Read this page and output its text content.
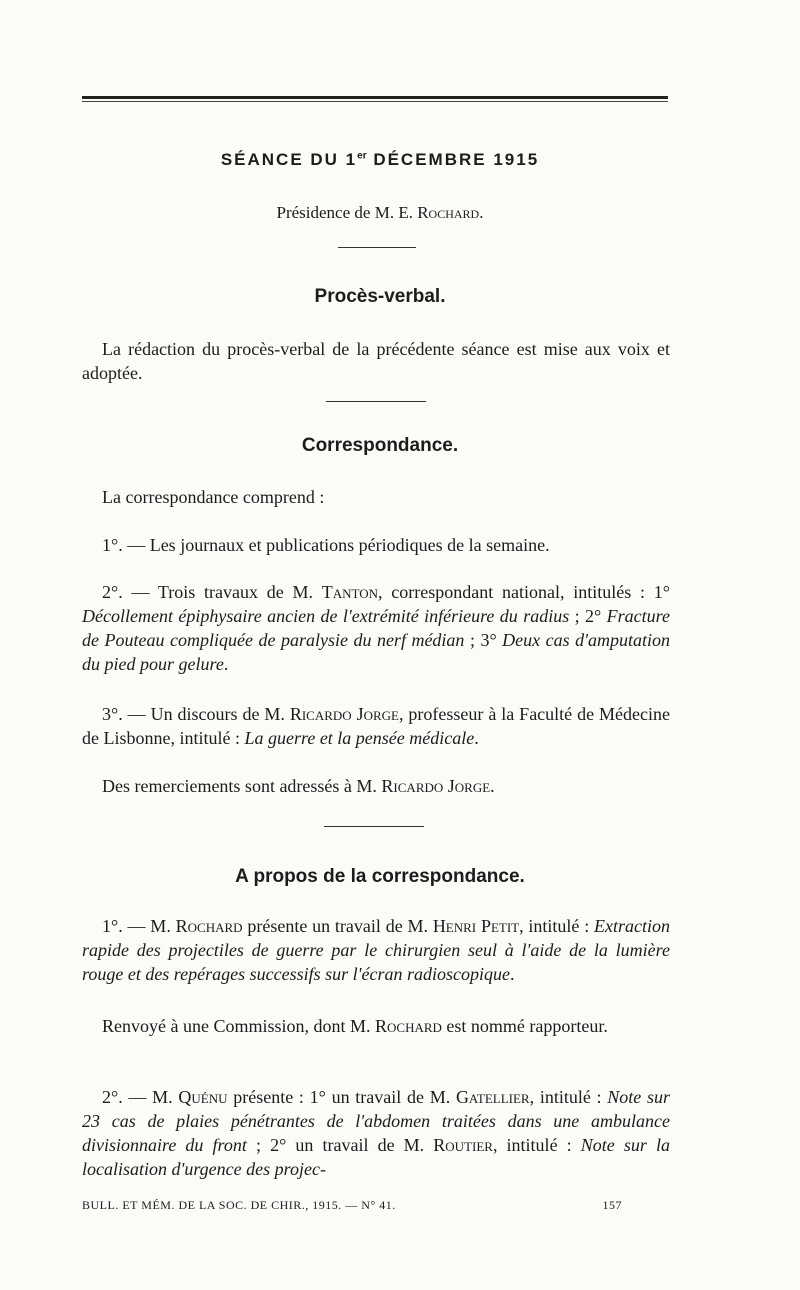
SÉANCE DU 1er DÉCEMBRE 1915
Présidence de M. E. Rochard.
Procès-verbal.

La rédaction du procès-verbal de la précédente séance est mise aux voix et adoptée.

Correspondance.

La correspondance comprend :

1°. — Les journaux et publications périodiques de la semaine.

2°. — Trois travaux de M. Tanton, correspondant national, intitulés : 1° Décollement épiphysaire ancien de l'extrémité inférieure du radius ; 2° Fracture de Pouteau compliquée de paralysie du nerf médian ; 3° Deux cas d'amputation du pied pour gelure.

3°. — Un discours de M. Ricardo Jorge, professeur à la Faculté de Médecine de Lisbonne, intitulé : La guerre et la pensée médicale.

Des remerciements sont adressés à M. Ricardo Jorge.

A propos de la correspondance.

1°. — M. Rochard présente un travail de M. Henri Petit, intitulé : Extraction rapide des projectiles de guerre par le chirurgien seul à l'aide de la lumière rouge et des repérages successifs sur l'écran radioscopique.

Renvoyé à une Commission, dont M. Rochard est nommé rapporteur.

2°. — M. Quénu présente : 1° un travail de M. Gatellier, intitulé : Note sur 23 cas de plaies pénétrantes de l'abdomen traitées dans une ambulance divisionnaire du front ; 2° un travail de M. Routier, intitulé : Note sur la localisation d'urgence des projec-

BULL. ET MÉM. DE LA SOC. DE CHIR., 1915. — N° 41.	157
